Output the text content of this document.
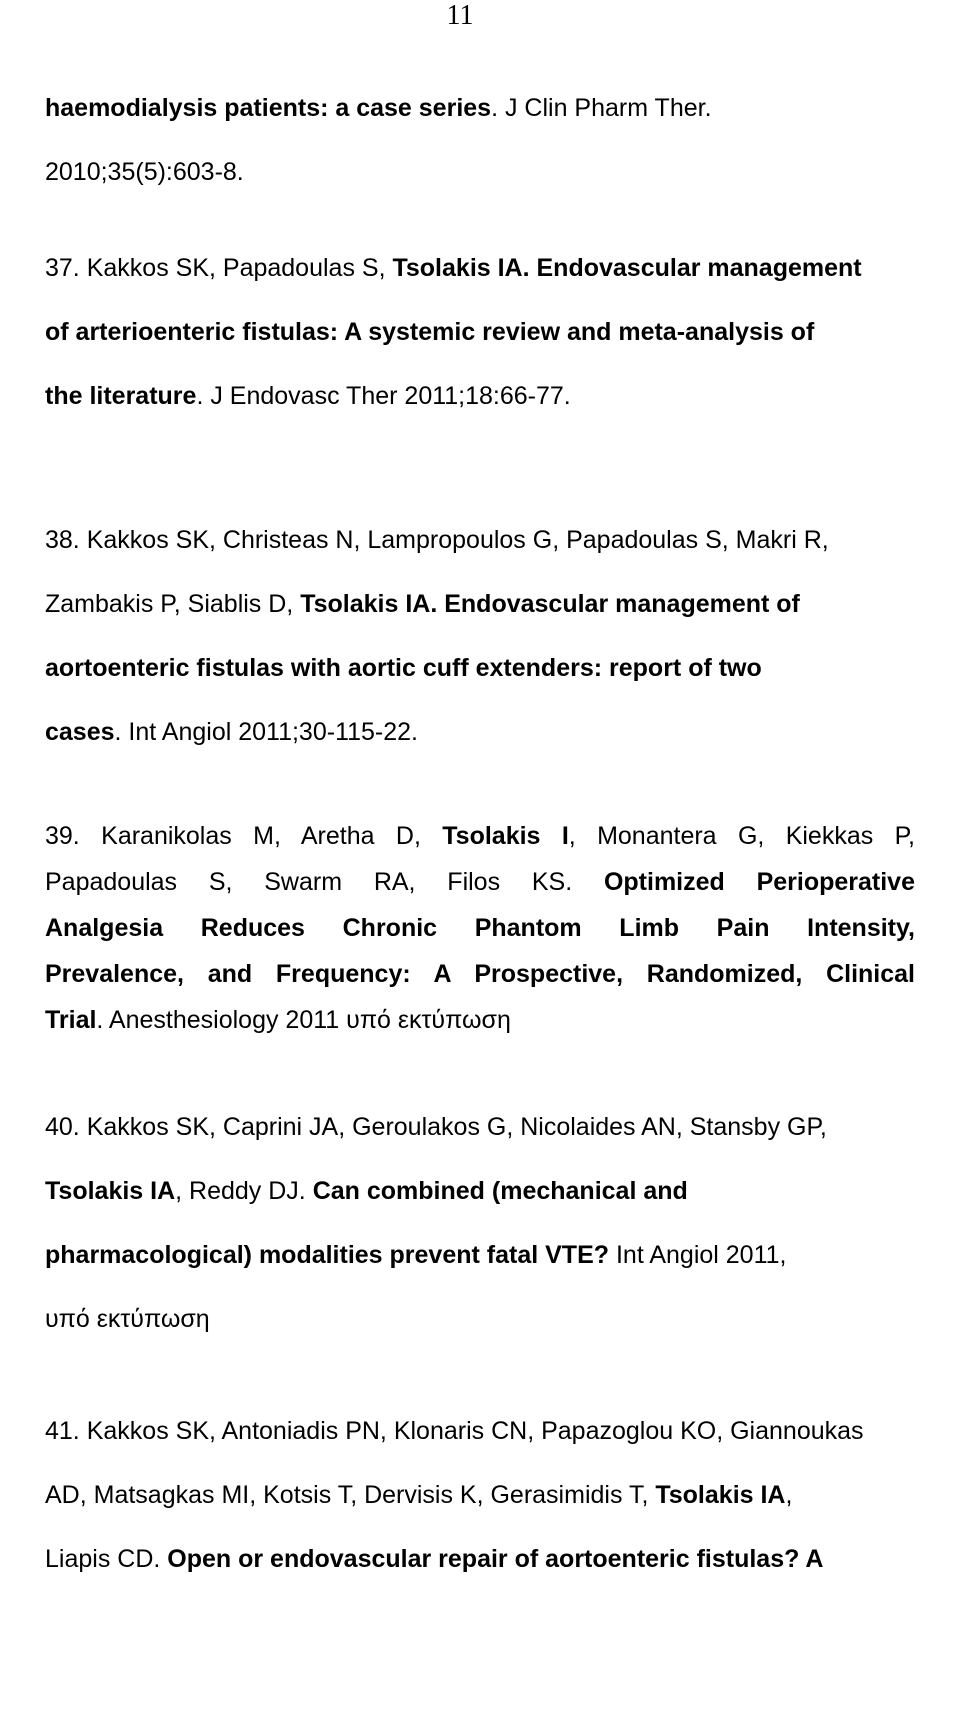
11
haemodialysis patients: a case series. J Clin Pharm Ther.
2010;35(5):603-8.
37. Kakkos SK, Papadoulas S, Tsolakis IA. Endovascular management
of arterioenteric fistulas: A systemic review and meta-analysis of
the literature. J Endovasc Ther 2011;18:66-77.
38. Kakkos SK, Christeas N, Lampropoulos G, Papadoulas S, Makri R,
Zambakis P, Siablis D, Tsolakis IA. Endovascular management of
aortoenteric fistulas with aortic cuff extenders: report of two
cases. Int Angiol 2011;30-115-22.
39. Karanikolas M, Aretha D, Tsolakis I, Monantera G, Kiekkas P,
Papadoulas S, Swarm RA, Filos KS. Optimized Perioperative
Analgesia Reduces Chronic Phantom Limb Pain Intensity,
Prevalence, and Frequency: A Prospective, Randomized, Clinical
Trial. Anesthesiology 2011 υπό εκτύπωση
40. Kakkos SK, Caprini JA, Geroulakos G, Nicolaides AN, Stansby GP,
Tsolakis IA, Reddy DJ. Can combined (mechanical and
pharmacological) modalities prevent fatal VTE? Int Angiol 2011,
υπό εκτύπωση
41. Kakkos SK, Antoniadis PN, Klonaris CN, Papazoglou KO, Giannoukas
AD, Matsagkas MI, Kotsis T, Dervisis K, Gerasimidis T, Tsolakis IA,
Liapis CD. Open or endovascular repair of aortoenteric fistulas? A
